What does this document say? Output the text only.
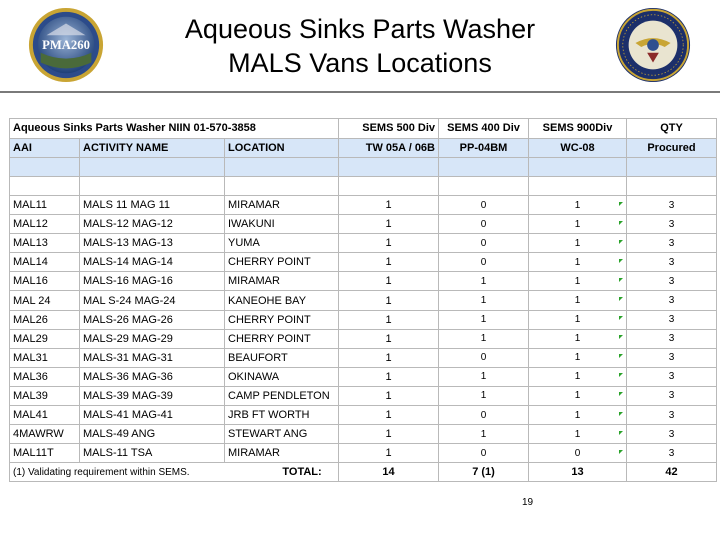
Aqueous Sinks Parts Washer
MALS Vans Locations
PMA260
Aqueous Sinks Parts Washer NIIN 01-570-3858			SEMS 500 Div	SEMS 400 Div	SEMS 900Div	QTY
AAI	ACTIVITY NAME	LOCATION	TW 05A / 06B	PP-04BM	WC-08	Procured

MAL11	MALS 11 MAG 11	MIRAMAR	1	0	1	3
MAL12	MALS-12 MAG-12	IWAKUNI	1	0	1	3
MAL13	MALS-13 MAG-13	YUMA	1	0	1	3
MAL14	MALS-14 MAG-14	CHERRY POINT	1	0	1	3
MAL16	MALS-16 MAG-16	MIRAMAR	1	1	1	3
MAL 24	MAL S-24 MAG-24	KANEOHE BAY	1	1	1	3
MAL26	MALS-26 MAG-26	CHERRY POINT	1	1	1	3
MAL29	MALS-29 MAG-29	CHERRY POINT	1	1	1	3
MAL31	MALS-31 MAG-31	BEAUFORT	1	0	1	3
MAL36	MALS-36 MAG-36	OKINAWA	1	1	1	3
MAL39	MALS-39 MAG-39	CAMP PENDLETON	1	1	1	3
MAL41	MALS-41 MAG-41	JRB FT WORTH	1	0	1	3
4MAWRW	MALS-49 ANG	STEWART ANG	1	1	1	3
MAL11T	MALS-11 TSA	MIRAMAR	1	0	0	3
(1) Validating requirement within SEMS.			TOTAL: 14	7 (1)	13	42
19
